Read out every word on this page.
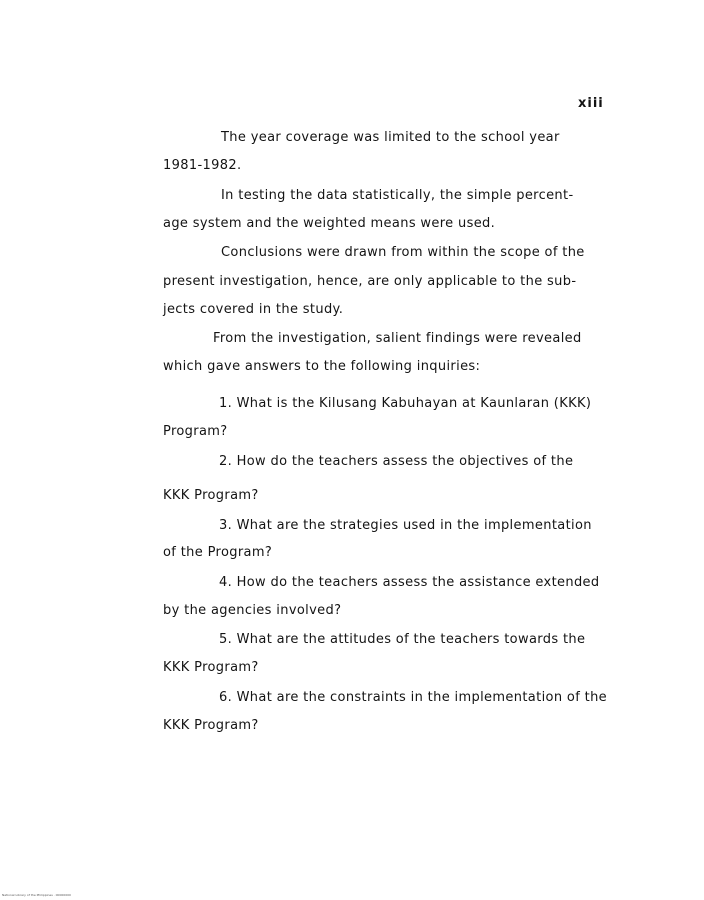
xiii
The year coverage was limited to the school year
1981-1982.
In testing the data statistically, the simple percent-
age system and the weighted means were used.
Conclusions were drawn from within the scope of the
present investigation, hence, are only applicable to the sub-
jects covered in the study.
From the investigation, salient findings were revealed
which gave answers to the following inquiries:
1. What is the Kilusang Kabuhayan at Kaunlaran (KKK)
Program?
2. How do the teachers assess the objectives of the
KKK Program?
3. What are the strategies used in the implementation
of the Program?
4. How do the teachers assess the assistance extended
by the agencies involved?
5. What are the attitudes of the teachers towards the
KKK Program?
6. What are the constraints in the implementation of the
KKK Program?
National Library of the Philippines · 00000000
